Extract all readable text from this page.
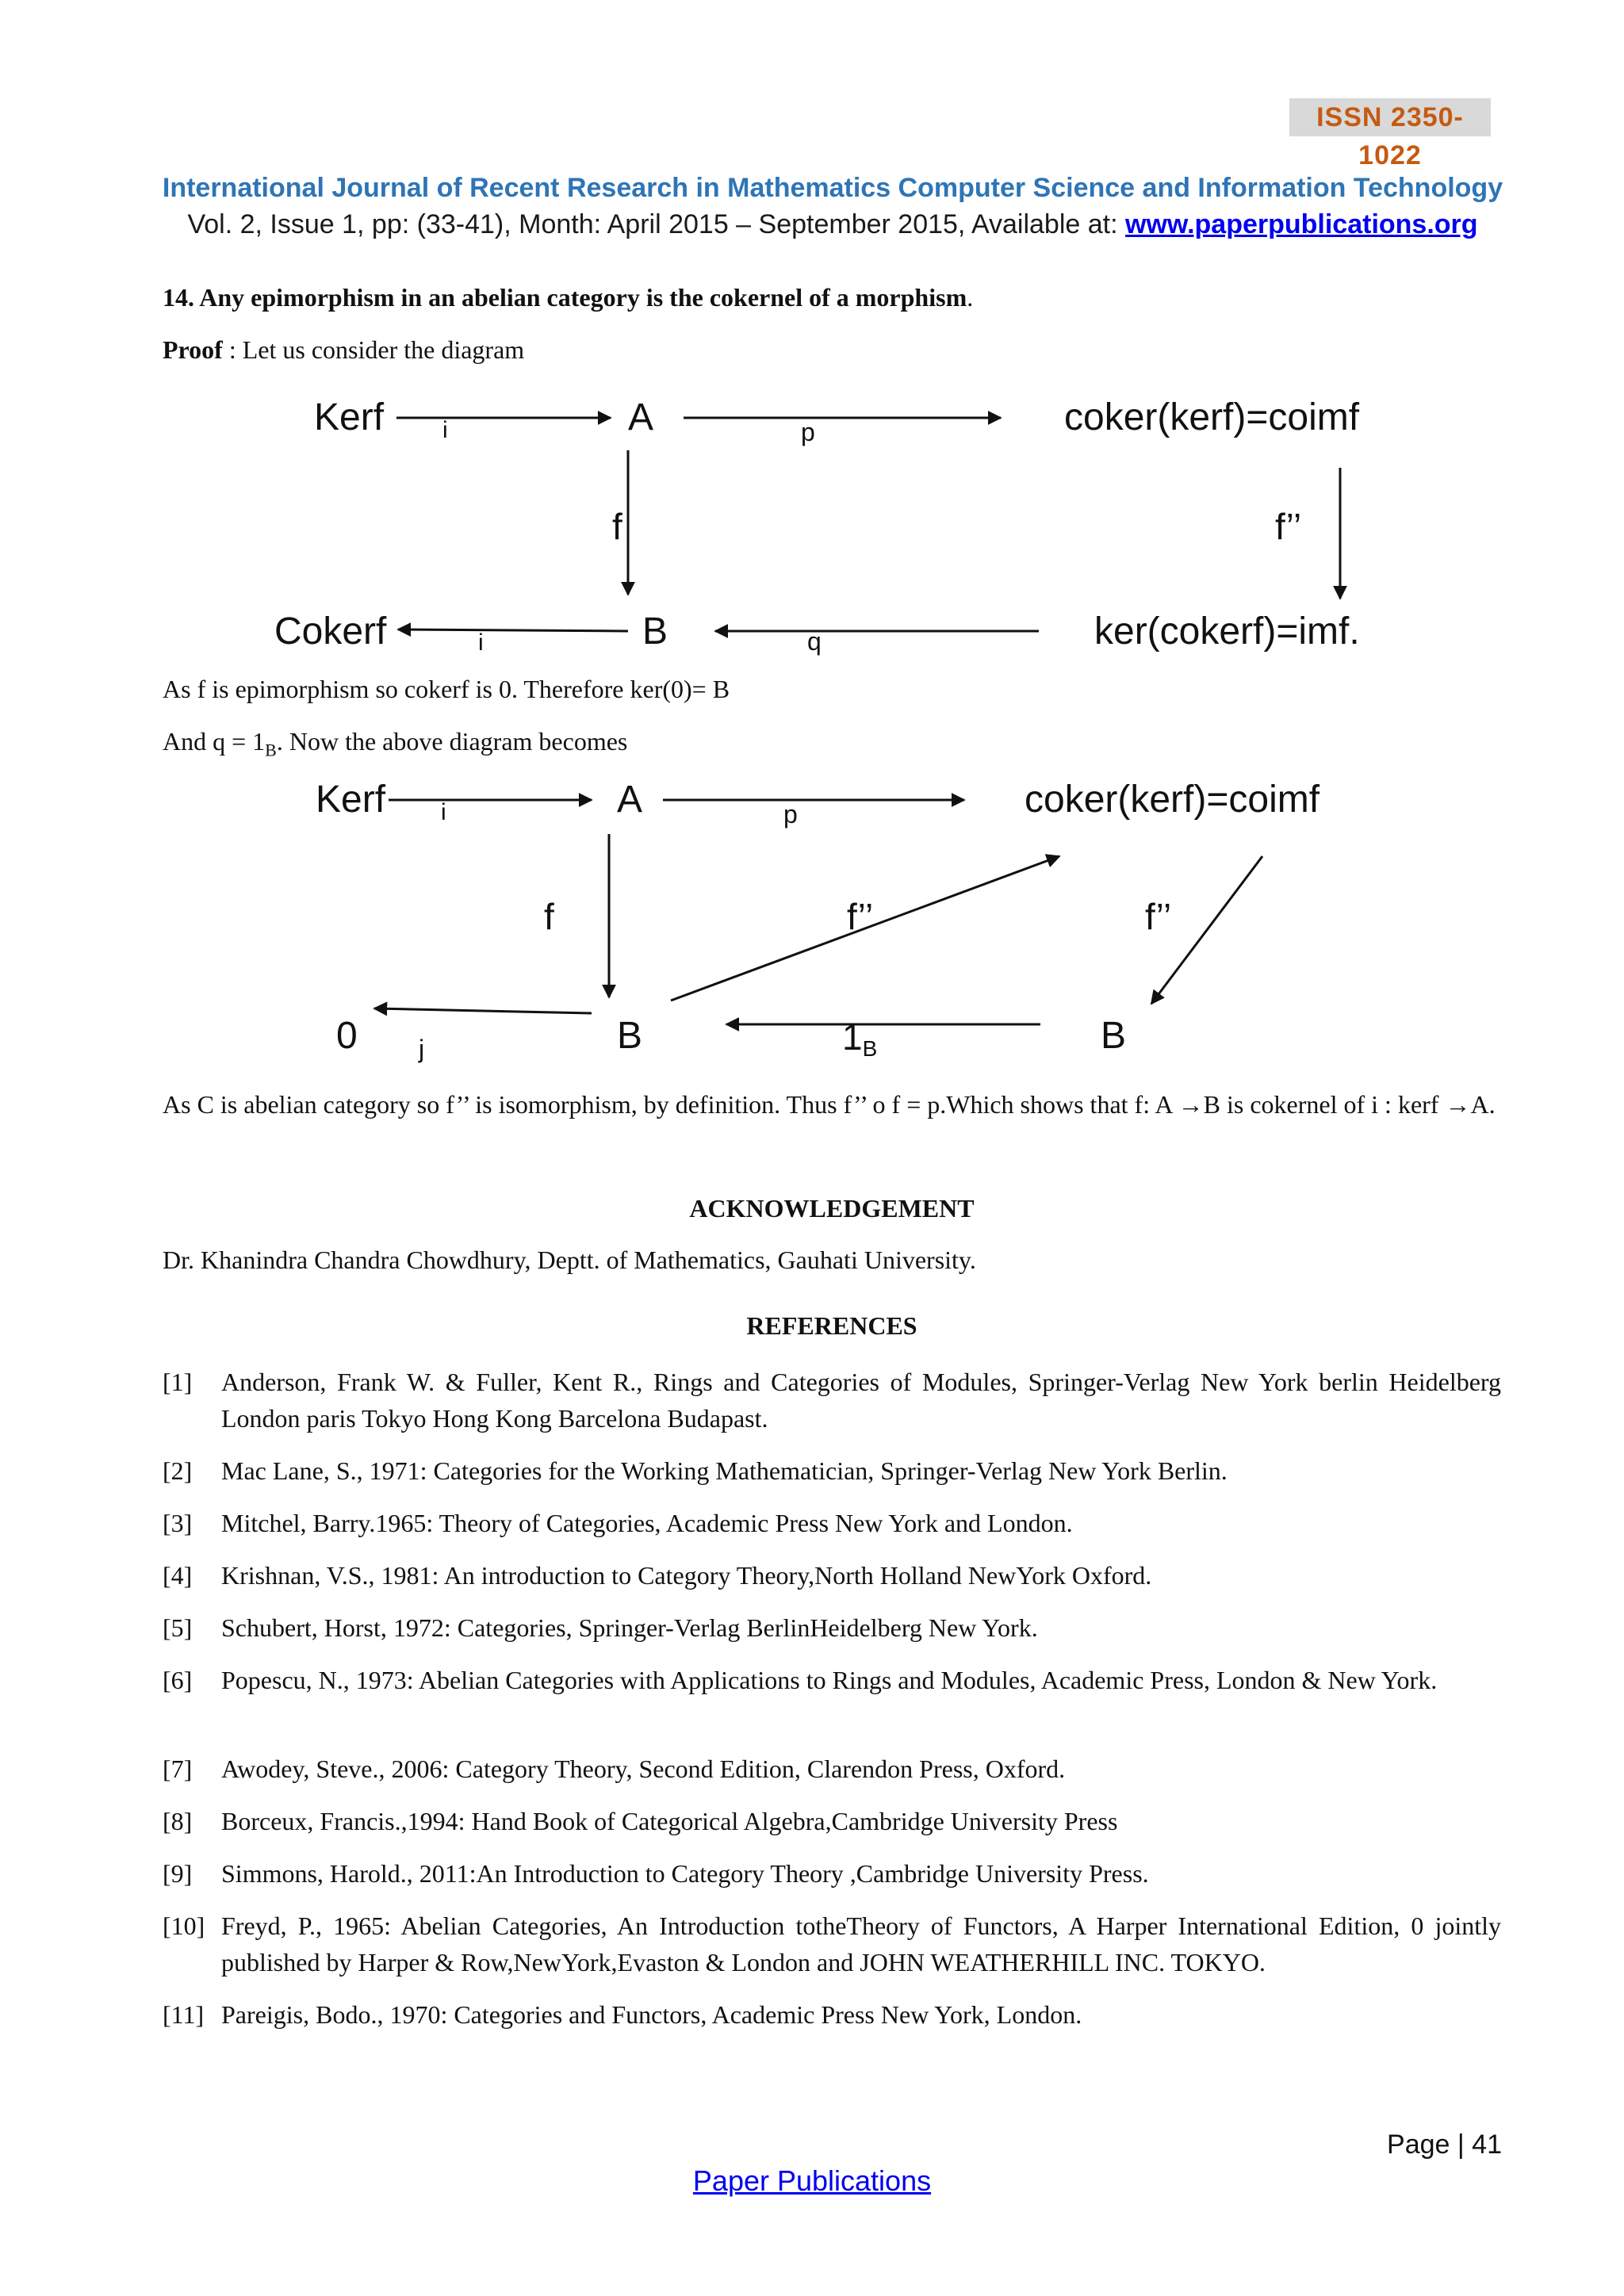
ISSN 2350-1022
International Journal of Recent Research in Mathematics Computer Science and Information Technology
Vol. 2, Issue 1, pp: (33-41), Month: April 2015 – September 2015, Available at: www.paperpublications.org
14. Any epimorphism in an abelian category is the cokernel of a morphism.
Proof : Let us consider the diagram
Kerf	A	coker(kerf)=coimf
Cokerf	B	ker(cokerf)=imf.
i	p
f	f’’
i	q
As f is epimorphism so cokerf is 0. Therefore ker(0)= B
And $q = 1_B$. Now the above diagram becomes
Kerf	A	coker(kerf)=coimf
0	B	B
i	p
f	f’’	f’’
j	1B
As C is abelian category so f’’ is isomorphism, by definition. Thus f’’ o f = p.Which shows that f: A →B is cokernel of i : kerf →A.
ACKNOWLEDGEMENT
Dr. Khanindra Chandra Chowdhury, Deptt. of Mathematics, Gauhati University.
REFERENCES
[1]	Anderson, Frank W. & Fuller, Kent R., Rings and Categories of Modules, Springer-Verlag New York berlin Heidelberg London paris Tokyo Hong Kong Barcelona Budapast.
[2]	Mac Lane, S., 1971: Categories for the Working Mathematician, Springer-Verlag New York Berlin.
[3]	Mitchel, Barry.1965: Theory of Categories, Academic Press New York and London.
[4]	Krishnan, V.S., 1981: An introduction to Category Theory,North Holland NewYork Oxford.
[5]	Schubert, Horst, 1972: Categories, Springer-Verlag BerlinHeidelberg New York.
[6]	Popescu, N., 1973: Abelian Categories with Applications to Rings and Modules, Academic Press, London & New York.
[7]	Awodey, Steve., 2006: Category Theory, Second Edition, Clarendon Press, Oxford.
[8]	Borceux, Francis.,1994: Hand Book of Categorical Algebra,Cambridge University Press
[9]	Simmons, Harold., 2011:An Introduction to Category Theory ,Cambridge University Press.
[10] Freyd, P., 1965: Abelian Categories, An Introduction totheTheory of Functors, A Harper International Edition, 0 jointly published by Harper & Row,NewYork,Evaston & London and JOHN WEATHERHILL INC. TOKYO.
[11] Pareigis, Bodo., 1970: Categories and Functors, Academic Press New York, London.
Page | 41
Paper Publications
